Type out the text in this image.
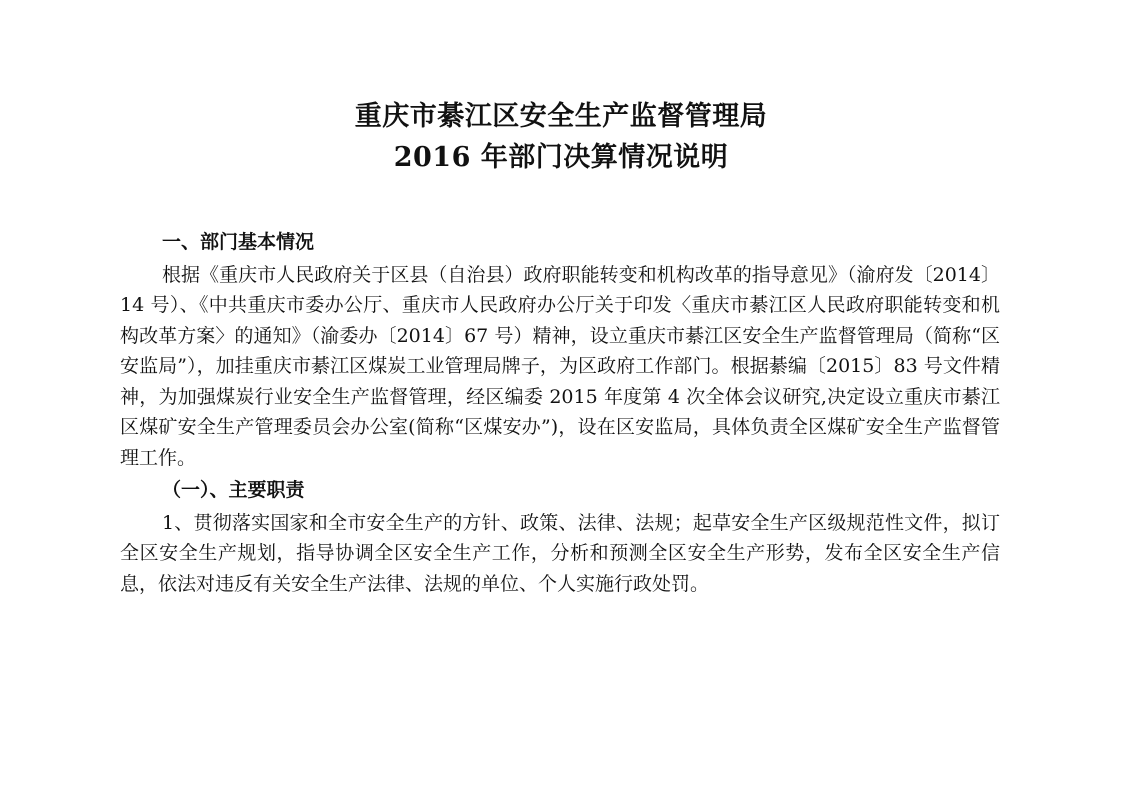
重庆市綦江区安全生产监督管理局
2016 年部门决算情况说明
一、部门基本情况

根据《重庆市人民政府关于区县（自治县）政府职能转变和机构改革的指导意见》（渝府发〔2014〕14 号）、《中共重庆市委办公厅、重庆市人民政府办公厅关于印发〈重庆市綦江区人民政府职能转变和机构改革方案〉的通知》（渝委办〔2014〕67 号）精神，设立重庆市綦江区安全生产监督管理局（简称“区安监局”），加挂重庆市綦江区煤炭工业管理局牌子，为区政府工作部门。根据綦编〔2015〕83 号文件精神，为加强煤炭行业安全生产监督管理，经区编委 2015 年度第 4 次全体会议研究,决定设立重庆市綦江区煤矿安全生产管理委员会办公室(简称“区煤安办”)，设在区安监局，具体负责全区煤矿安全生产监督管理工作。

（一）、主要职责

1、贯彻落实国家和全市安全生产的方针、政策、法律、法规；起草安全生产区级规范性文件，拟订全区安全生产规划，指导协调全区安全生产工作，分析和预测全区安全生产形势，发布全区安全生产信息，依法对违反有关安全生产法律、法规的单位、个人实施行政处罚。
